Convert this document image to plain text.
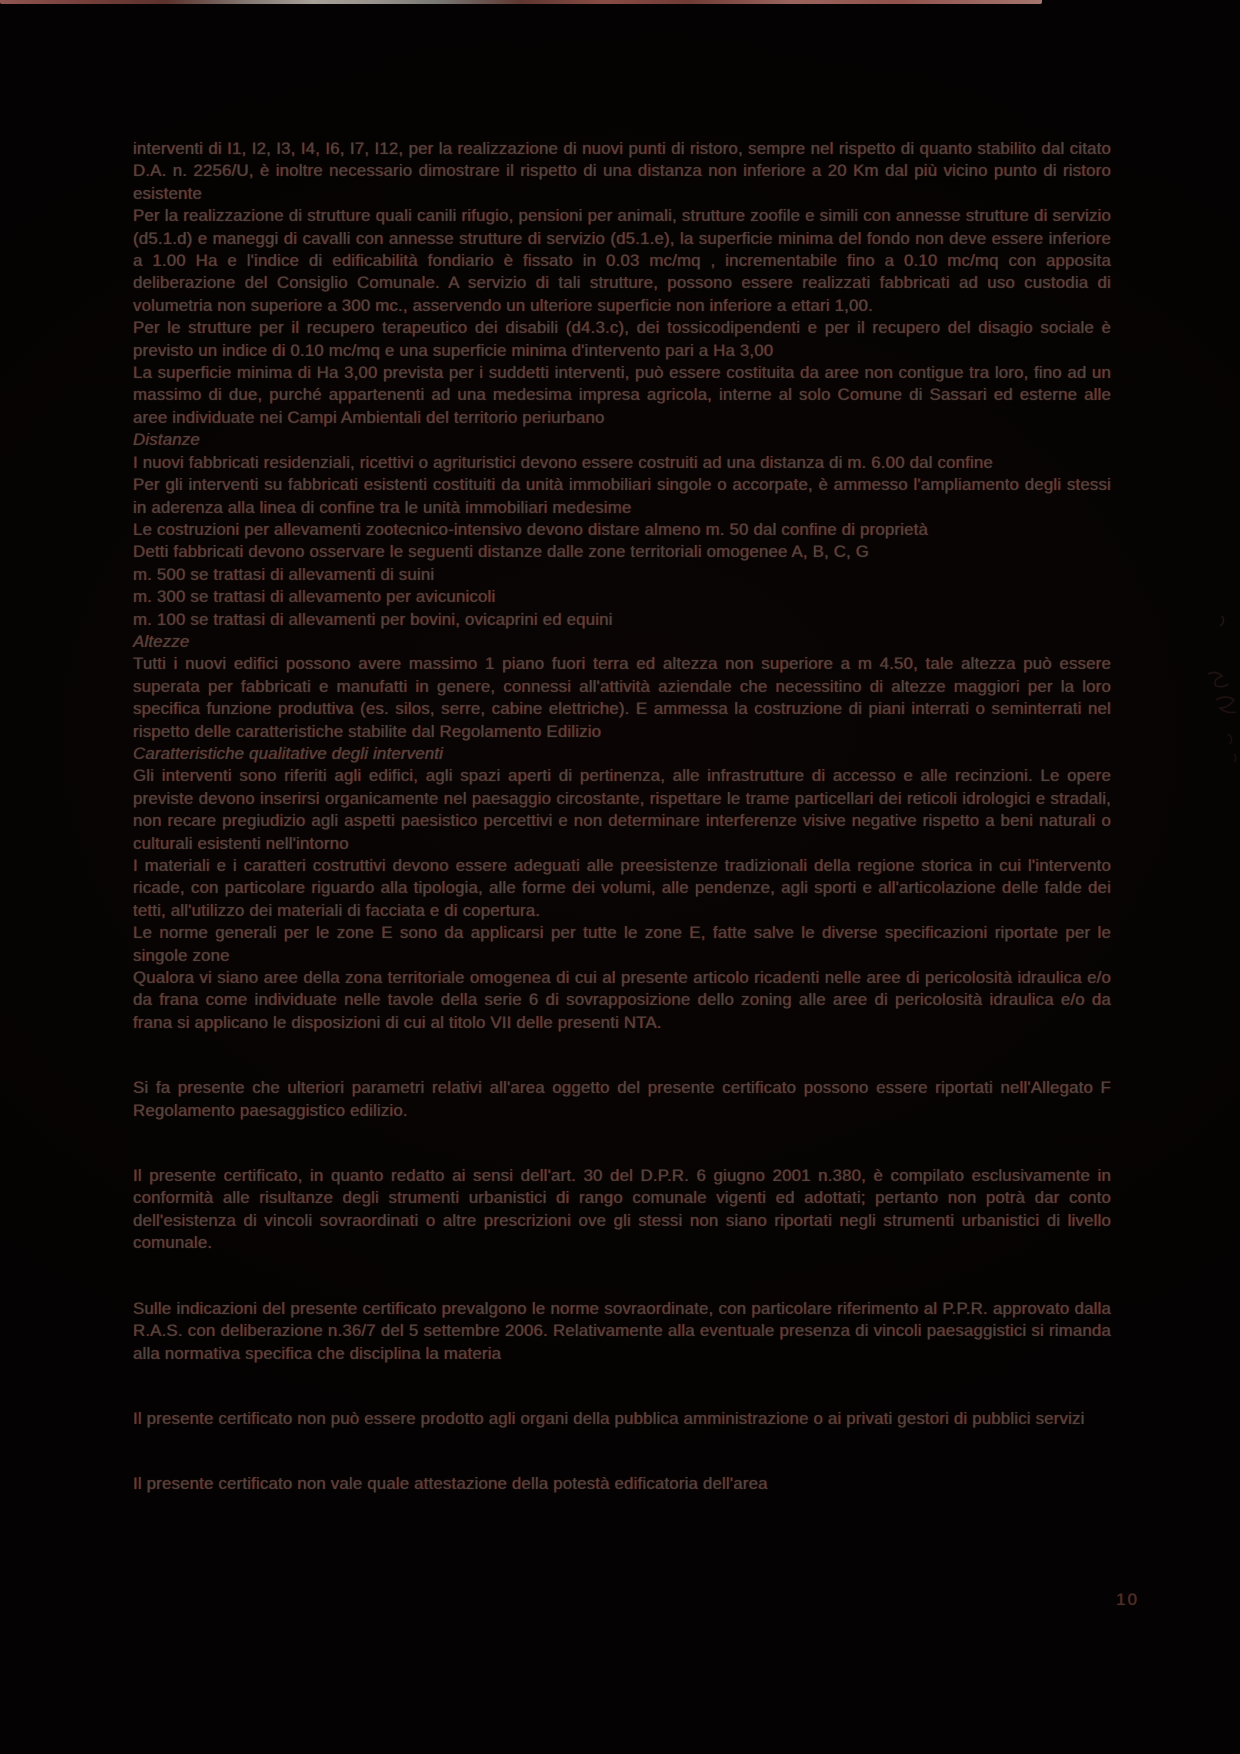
interventi di I1, I2, I3, I4, I6, I7, I12, per la realizzazione di nuovi punti di ristoro, sempre nel rispetto di quanto stabilito dal citato D.A. n. 2256/U, è inoltre necessario dimostrare il rispetto di una distanza non inferiore a 20 Km dal più vicino punto di ristoro esistente

Per la realizzazione di strutture quali canili rifugio, pensioni per animali, strutture zoofile e simili con annesse strutture di servizio (d5.1.d) e maneggi di cavalli con annesse strutture di servizio (d5.1.e), la superficie minima del fondo non deve essere inferiore a 1.00 Ha e l'indice di edificabilità fondiario è fissato in 0.03 mc/mq , incrementabile fino a 0.10 mc/mq con apposita deliberazione del Consiglio Comunale. A servizio di tali strutture, possono essere realizzati fabbricati ad uso custodia di volumetria non superiore a 300 mc., asservendo un ulteriore superficie non inferiore a ettari 1,00.

Per le strutture per il recupero terapeutico dei disabili (d4.3.c), dei tossicodipendenti e per il recupero del disagio sociale è previsto un indice di 0.10 mc/mq e una superficie minima d'intervento pari a Ha 3,00

La superficie minima di Ha 3,00 prevista per i suddetti interventi, può essere costituita da aree non contigue tra loro, fino ad un massimo di due, purché appartenenti ad una medesima impresa agricola, interne al solo Comune di Sassari ed esterne alle aree individuate nei Campi Ambientali del territorio periurbano

Distanze

I nuovi fabbricati residenziali, ricettivi o agrituristici devono essere costruiti ad una distanza di m. 6.00 dal confine

Per gli interventi su fabbricati esistenti costituiti da unità immobiliari singole o accorpate, è ammesso l'ampliamento degli stessi in aderenza alla linea di confine tra le unità immobiliari medesime

Le costruzioni per allevamenti zootecnico-intensivo devono distare almeno m. 50 dal confine di proprietà

Detti fabbricati devono osservare le seguenti distanze dalle zone territoriali omogenee A, B, C, G

m. 500 se trattasi di allevamenti di suini

m. 300 se trattasi di allevamento per avicunicoli

m. 100 se trattasi di allevamenti per bovini, ovicaprini ed equini

Altezze

Tutti i nuovi edifici possono avere massimo 1 piano fuori terra ed altezza non superiore a m 4.50, tale altezza può essere superata per fabbricati e manufatti in genere, connessi all'attività aziendale che necessitino di altezze maggiori per la loro specifica funzione produttiva (es. silos, serre, cabine elettriche). E ammessa la costruzione di piani interrati o seminterrati nel rispetto delle caratteristiche stabilite dal Regolamento Edilizio

Caratteristiche qualitative degli interventi

Gli interventi sono riferiti agli edifici, agli spazi aperti di pertinenza, alle infrastrutture di accesso e alle recinzioni. Le opere previste devono inserirsi organicamente nel paesaggio circostante, rispettare le trame particellari dei reticoli idrologici e stradali, non recare pregiudizio agli aspetti paesistico percettivi e non determinare interferenze visive negative rispetto a beni naturali o culturali esistenti nell'intorno

I materiali e i caratteri costruttivi devono essere adeguati alle preesistenze tradizionali della regione storica in cui l'intervento ricade, con particolare riguardo alla tipologia, alle forme dei volumi, alle pendenze, agli sporti e all'articolazione delle falde dei tetti, all'utilizzo dei materiali di facciata e di copertura.

Le norme generali per le zone E sono da applicarsi per tutte le zone E, fatte salve le diverse specificazioni riportate per le singole zone

Qualora vi siano aree della zona territoriale omogenea di cui al presente articolo ricadenti nelle aree di pericolosità idraulica e/o da frana come individuate nelle tavole della serie 6 di sovrapposizione dello zoning alle aree di pericolosità idraulica e/o da frana si applicano le disposizioni di cui al titolo VII delle presenti NTA.

Si fa presente che ulteriori parametri relativi all'area oggetto del presente certificato possono essere riportati nell'Allegato F Regolamento paesaggistico edilizio.

Il presente certificato, in quanto redatto ai sensi dell'art. 30 del D.P.R. 6 giugno 2001 n.380, è compilato esclusivamente in conformità alle risultanze degli strumenti urbanistici di rango comunale vigenti ed adottati; pertanto non potrà dar conto dell'esistenza di vincoli sovraordinati o altre prescrizioni ove gli stessi non siano riportati negli strumenti urbanistici di livello comunale.

Sulle indicazioni del presente certificato prevalgono le norme sovraordinate, con particolare riferimento al P.P.R. approvato dalla R.A.S. con deliberazione n.36/7 del 5 settembre 2006. Relativamente alla eventuale presenza di vincoli paesaggistici si rimanda alla normativa specifica che disciplina la materia

Il presente certificato non può essere prodotto agli organi della pubblica amministrazione o ai privati gestori di pubblici servizi

Il presente certificato non vale quale attestazione della potestà edificatoria dell'area

10
